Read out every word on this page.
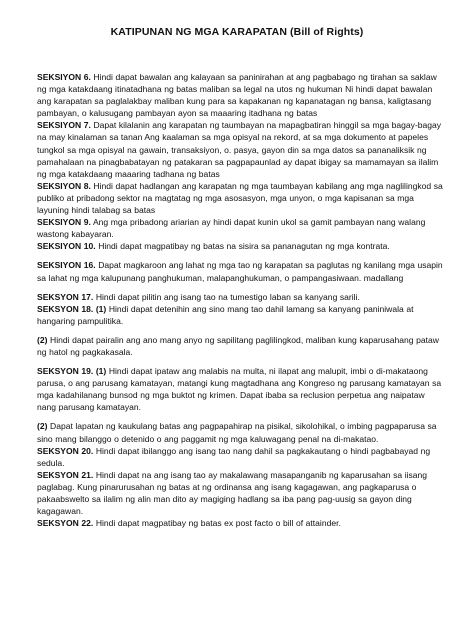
KATIPUNAN NG MGA KARAPATAN (Bill of Rights)

SEKSIYON 6. Hindi dapat bawalan ang kalayaan sa paninirahan at ang pagbabago ng tirahan sa saklaw ng mga katakdaang itinatadhana ng batas maliban sa legal na utos ng hukuman Ni hindi dapat bawalan ang karapatan sa paglalakbay maliban kung para sa kapakanan ng kapanatagan ng bansa, kaligtasang pambayan, o kalusugang pambayan ayon sa maaaring itadhana ng batas

SEKSIYON 7. Dapat kilalanin ang karapatan ng taumbayan na mapagbatiran hinggil sa mga bagay-bagay na may kinalaman sa tanan Ang kaalaman sa mga opisyal na rekord, at sa mga dokumento at papeles tungkol sa mga opisyal na gawain, transaksiyon, o. pasya, gayon din sa mga datos sa pananaliksik ng pamahalaan na pinagbabatayan ng patakaran sa pagpapaunlad ay dapat ibigay sa mamamayan sa ilalim ng mga katakdaang maaaring tadhana ng batas

SEKSIYON 8. Hindi dapat hadlangan ang karapatan ng mga taumbayan kabilang ang mga naglilingkod sa publiko at pribadong sektor na magtatag ng mga asosasyon, mga unyon, o mga kapisanan sa mga layuning hindi talabag sa batas

SEKSIYON 9. Ang mga pribadong ariarian ay hindi dapat kunin ukol sa gamit pambayan nang walang wastong kabayaran.

SEKSIYON 10. Hindi dapat magpatibay ng batas na sisira sa pananagutan ng mga kontrata.

SEKSIYON 16. Dapat magkaroon ang lahat ng mga tao ng karapatan sa paglutas ng kanilang mga usapin sa lahat ng mga kalupunang panghukuman, malapanghukuman, o pampangasiwaan. madallang

SEKSYON 17. Hindi dapat pilitin ang isang tao na tumestigo laban sa kanyang sarili.

SEKSYON 18. (1) Hindi dapat detenihin ang sino mang tao dahil lamang sa kanyang paniniwala at hangaring pampulitika.

(2) Hindi dapat pairalin ang ano mang anyo ng sapilitang paglilingkod, maliban kung kaparusahang pataw ng hatol ng pagkakasala.

SEKSYON 19. (1) Hindi dapat ipataw ang malabis na multa, ni ilapat ang malupit, imbi o di-makataong parusa, o ang parusang kamatayan, matangi kung magtadhana ang Kongreso ng parusang kamatayan sa mga kadahilanang bunsod ng mga buktot ng krimen. Dapat ibaba sa reclusion perpetua ang naipataw nang parusang kamatayan.

(2) Dapat lapatan ng kaukulang batas ang pagpapahirap na pisikal, sikolohikal, o imbing pagpaparusa sa sino mang bilanggo o detenido o ang paggamit ng mga kaluwagang penal na di-makatao.

SEKSYON 20. Hindi dapat ibilanggo ang isang tao nang dahil sa pagkakautang o hindi pagbabayad ng sedula.

SEKSYON 21. Hindi dapat na ang isang tao ay makalawang masapanganib ng kaparusahan sa iisang paglabag. Kung pinarurusahan ng batas at ng ordinansa ang isang kagagawan, ang pagkaparusa o pakaabswelto sa ilalim ng alin man dito ay magiging hadlang sa iba pang pag-uusig sa gayon ding kagagawan.

SEKSYON 22. Hindi dapat magpatibay ng batas ex post facto o bill of attainder.
